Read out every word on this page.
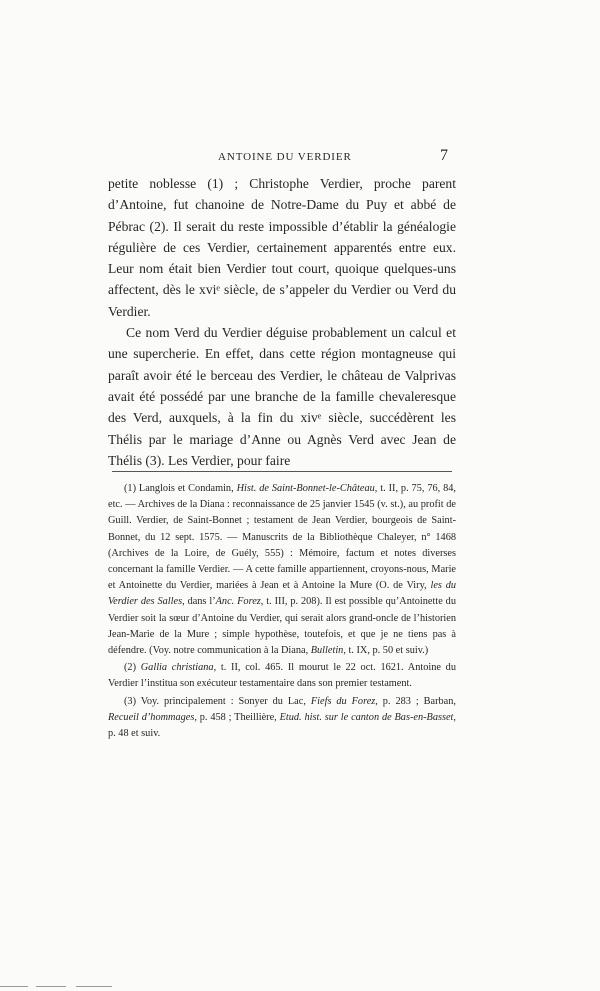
ANTOINE DU VERDIER	7

petite noblesse (1) ; Christophe Verdier, proche parent d’Antoine, fut chanoine de Notre-Dame du Puy et abbé de Pébrac (2). Il serait du reste impossible d’établir la généalogie régulière de ces Verdier, certainement apparentés entre eux. Leur nom était bien Verdier tout court, quoique quelques-uns affectent, dès le xviᵉ siècle, de s’appeler du Verdier ou Verd du Verdier.

Ce nom Verd du Verdier déguise probablement un calcul et une supercherie. En effet, dans cette région montagneuse qui paraît avoir été le berceau des Verdier, le château de Valprivas avait été possédé par une branche de la famille chevaleresque des Verd, auxquels, à la fin du xivᵉ siècle, succédèrent les Thélis par le mariage d’Anne ou Agnès Verd avec Jean de Thélis (3). Les Verdier, pour faire

(1) Langlois et Condamin, Hist. de Saint-Bonnet-le-Château, t. II, p. 75, 76, 84, etc. — Archives de la Diana : reconnaissance de 25 janvier 1545 (v. st.), au profit de Guill. Verdier, de Saint-Bonnet ; testament de Jean Verdier, bourgeois de Saint-Bonnet, du 12 sept. 1575. — Manuscrits de la Bibliothèque Chaleyer, n° 1468 (Archives de la Loire, de Guély, 555) : Mémoire, factum et notes diverses concernant la famille Verdier. — A cette famille appartiennent, croyons-nous, Marie et Antoinette du Verdier, mariées à Jean et à Antoine la Mure (O. de Viry, les du Verdier des Salles, dans l’Anc. Forez, t. III, p. 208). Il est possible qu’Antoinette du Verdier soit la sœur d’Antoine du Verdier, qui serait alors grand-oncle de l’historien Jean-Marie de la Mure ; simple hypothèse, toutefois, et que je ne tiens pas à défendre. (Voy. notre communication à la Diana, Bulletin, t. IX, p. 50 et suiv.)

(2) Gallia christiana, t. II, col. 465. Il mourut le 22 oct. 1621. Antoine du Verdier l’institua son exécuteur testamentaire dans son premier testament.

(3) Voy. principalement : Sonyer du Lac, Fiefs du Forez, p. 283 ; Barban, Recueil d’hommages, p. 458 ; Theillière, Etud. hist. sur le canton de Bas-en-Basset, p. 48 et suiv.
